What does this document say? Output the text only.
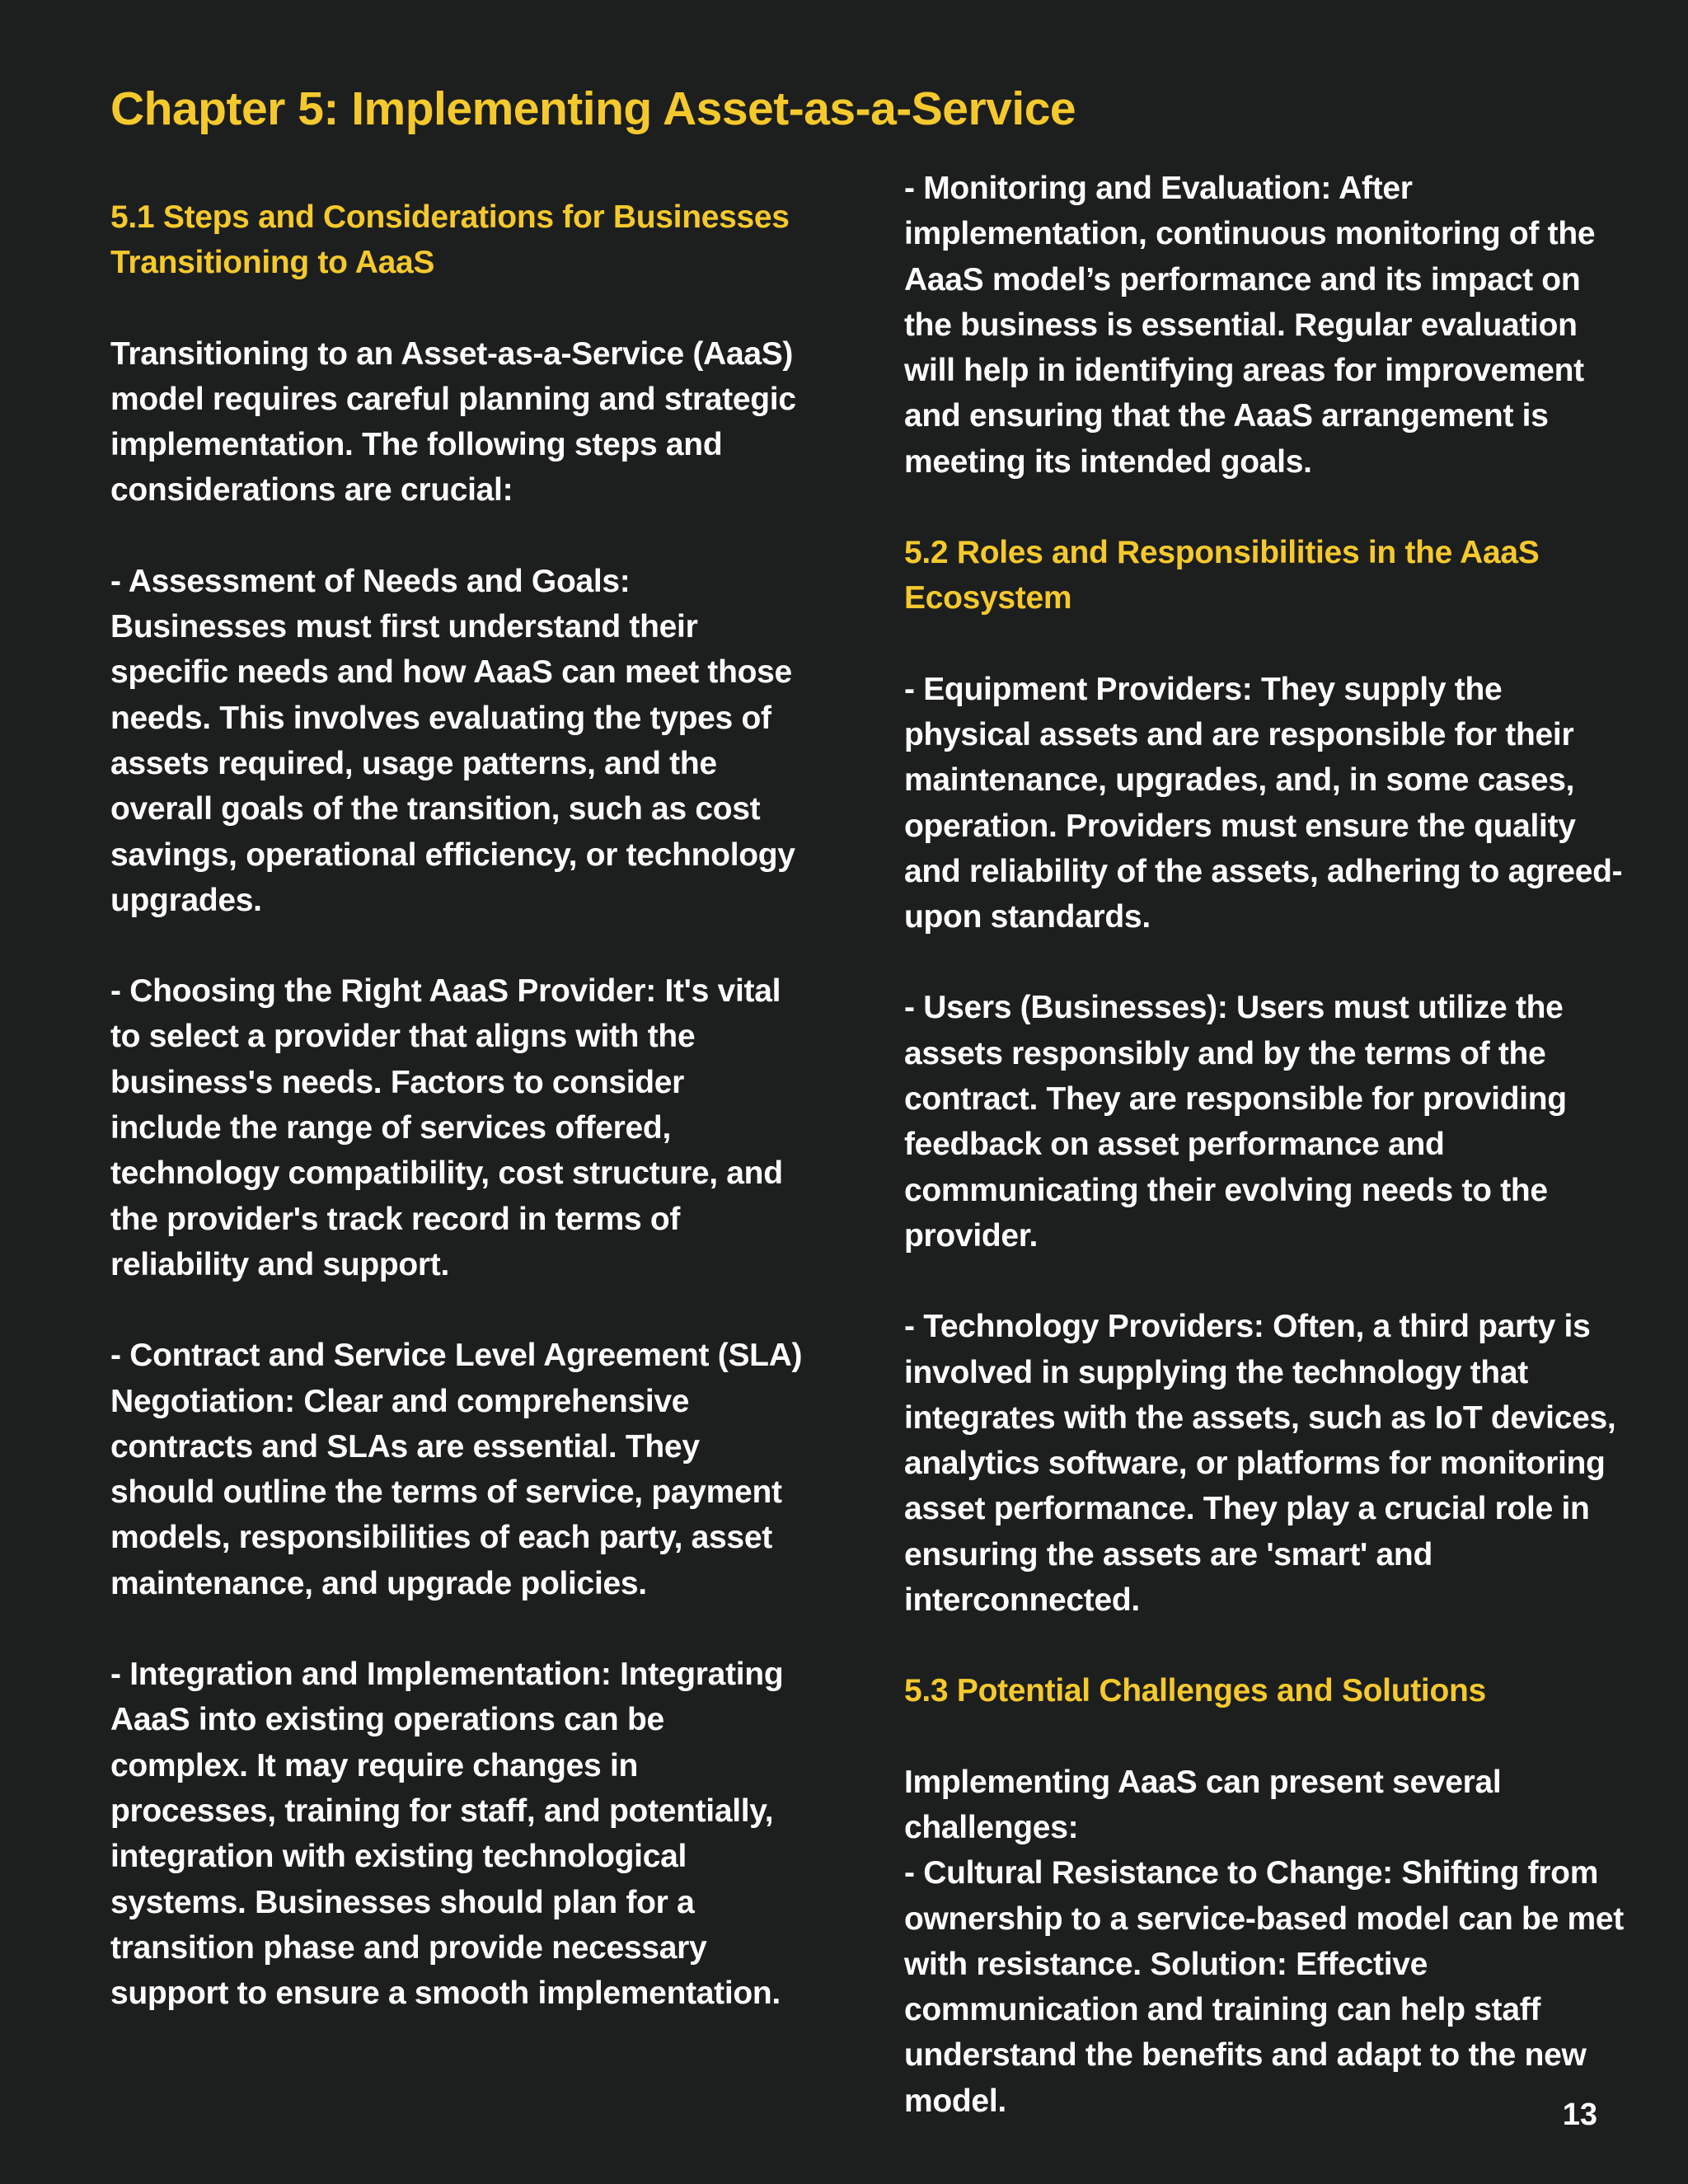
Chapter 5: Implementing Asset-as-a-Service
5.1 Steps and Considerations for Businesses Transitioning to AaaS

Transitioning to an Asset-as-a-Service (AaaS) model requires careful planning and strategic implementation. The following steps and considerations are crucial:

- Assessment of Needs and Goals: Businesses must first understand their specific needs and how AaaS can meet those needs. This involves evaluating the types of assets required, usage patterns, and the overall goals of the transition, such as cost savings, operational efficiency, or technology upgrades.

- Choosing the Right AaaS Provider: It's vital to select a provider that aligns with the business's needs. Factors to consider include the range of services offered, technology compatibility, cost structure, and the provider's track record in terms of reliability and support.

- Contract and Service Level Agreement (SLA) Negotiation: Clear and comprehensive contracts and SLAs are essential. They should outline the terms of service, payment models, responsibilities of each party, asset maintenance, and upgrade policies.

- Integration and Implementation: Integrating AaaS into existing operations can be complex. It may require changes in processes, training for staff, and potentially, integration with existing technological systems. Businesses should plan for a transition phase and provide necessary support to ensure a smooth implementation.

- Monitoring and Evaluation: After implementation, continuous monitoring of the AaaS model’s performance and its impact on the business is essential. Regular evaluation will help in identifying areas for improvement and ensuring that the AaaS arrangement is meeting its intended goals.

5.2 Roles and Responsibilities in the AaaS Ecosystem

- Equipment Providers: They supply the physical assets and are responsible for their maintenance, upgrades, and, in some cases, operation. Providers must ensure the quality and reliability of the assets, adhering to agreed-upon standards.

- Users (Businesses): Users must utilize the assets responsibly and by the terms of the contract. They are responsible for providing feedback on asset performance and communicating their evolving needs to the provider.

- Technology Providers: Often, a third party is involved in supplying the technology that integrates with the assets, such as IoT devices, analytics software, or platforms for monitoring asset performance. They play a crucial role in ensuring the assets are 'smart' and interconnected.

5.3 Potential Challenges and Solutions

Implementing AaaS can present several challenges:

- Cultural Resistance to Change: Shifting from ownership to a service-based model can be met with resistance. Solution: Effective communication and training can help staff understand the benefits and adapt to the new model.	13
